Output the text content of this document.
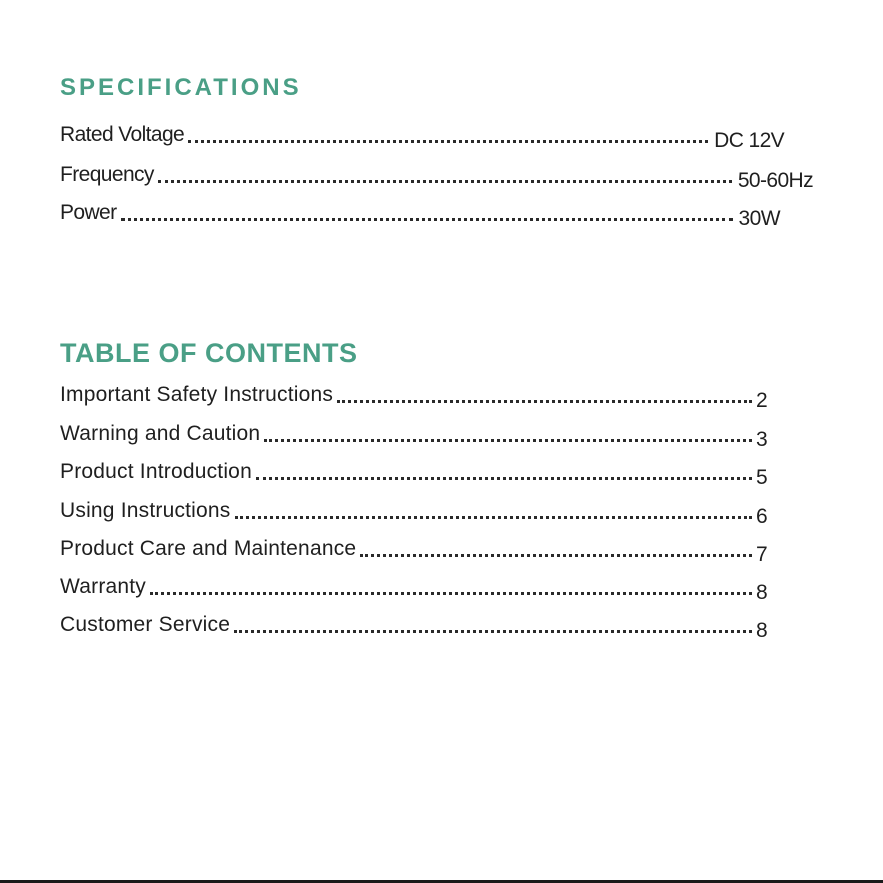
SPECIFICATIONS
Rated Voltage	DC 12V
Frequency	50-60Hz
Power	30W
TABLE OF CONTENTS
Important Safety Instructions	2
Warning and Caution	3
Product Introduction	5
Using Instructions	6
Product Care and Maintenance	7
Warranty	8
Customer Service	8
